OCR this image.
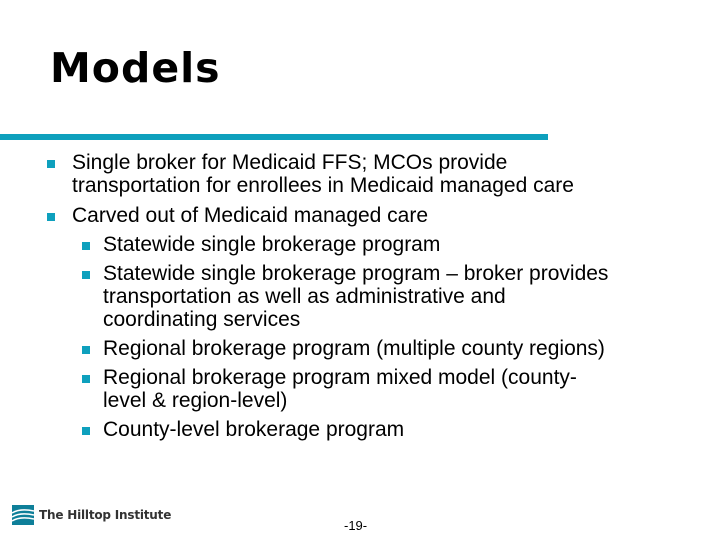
Models
Single broker for Medicaid FFS; MCOs provide
transportation for enrollees in Medicaid managed care
Carved out of Medicaid managed care
Statewide single brokerage program
Statewide single brokerage program – broker provides
transportation as well as administrative and
coordinating services
Regional brokerage program (multiple county regions)
Regional brokerage program mixed model (county-
level & region-level)
County-level brokerage program
The Hilltop Institute
-19-
